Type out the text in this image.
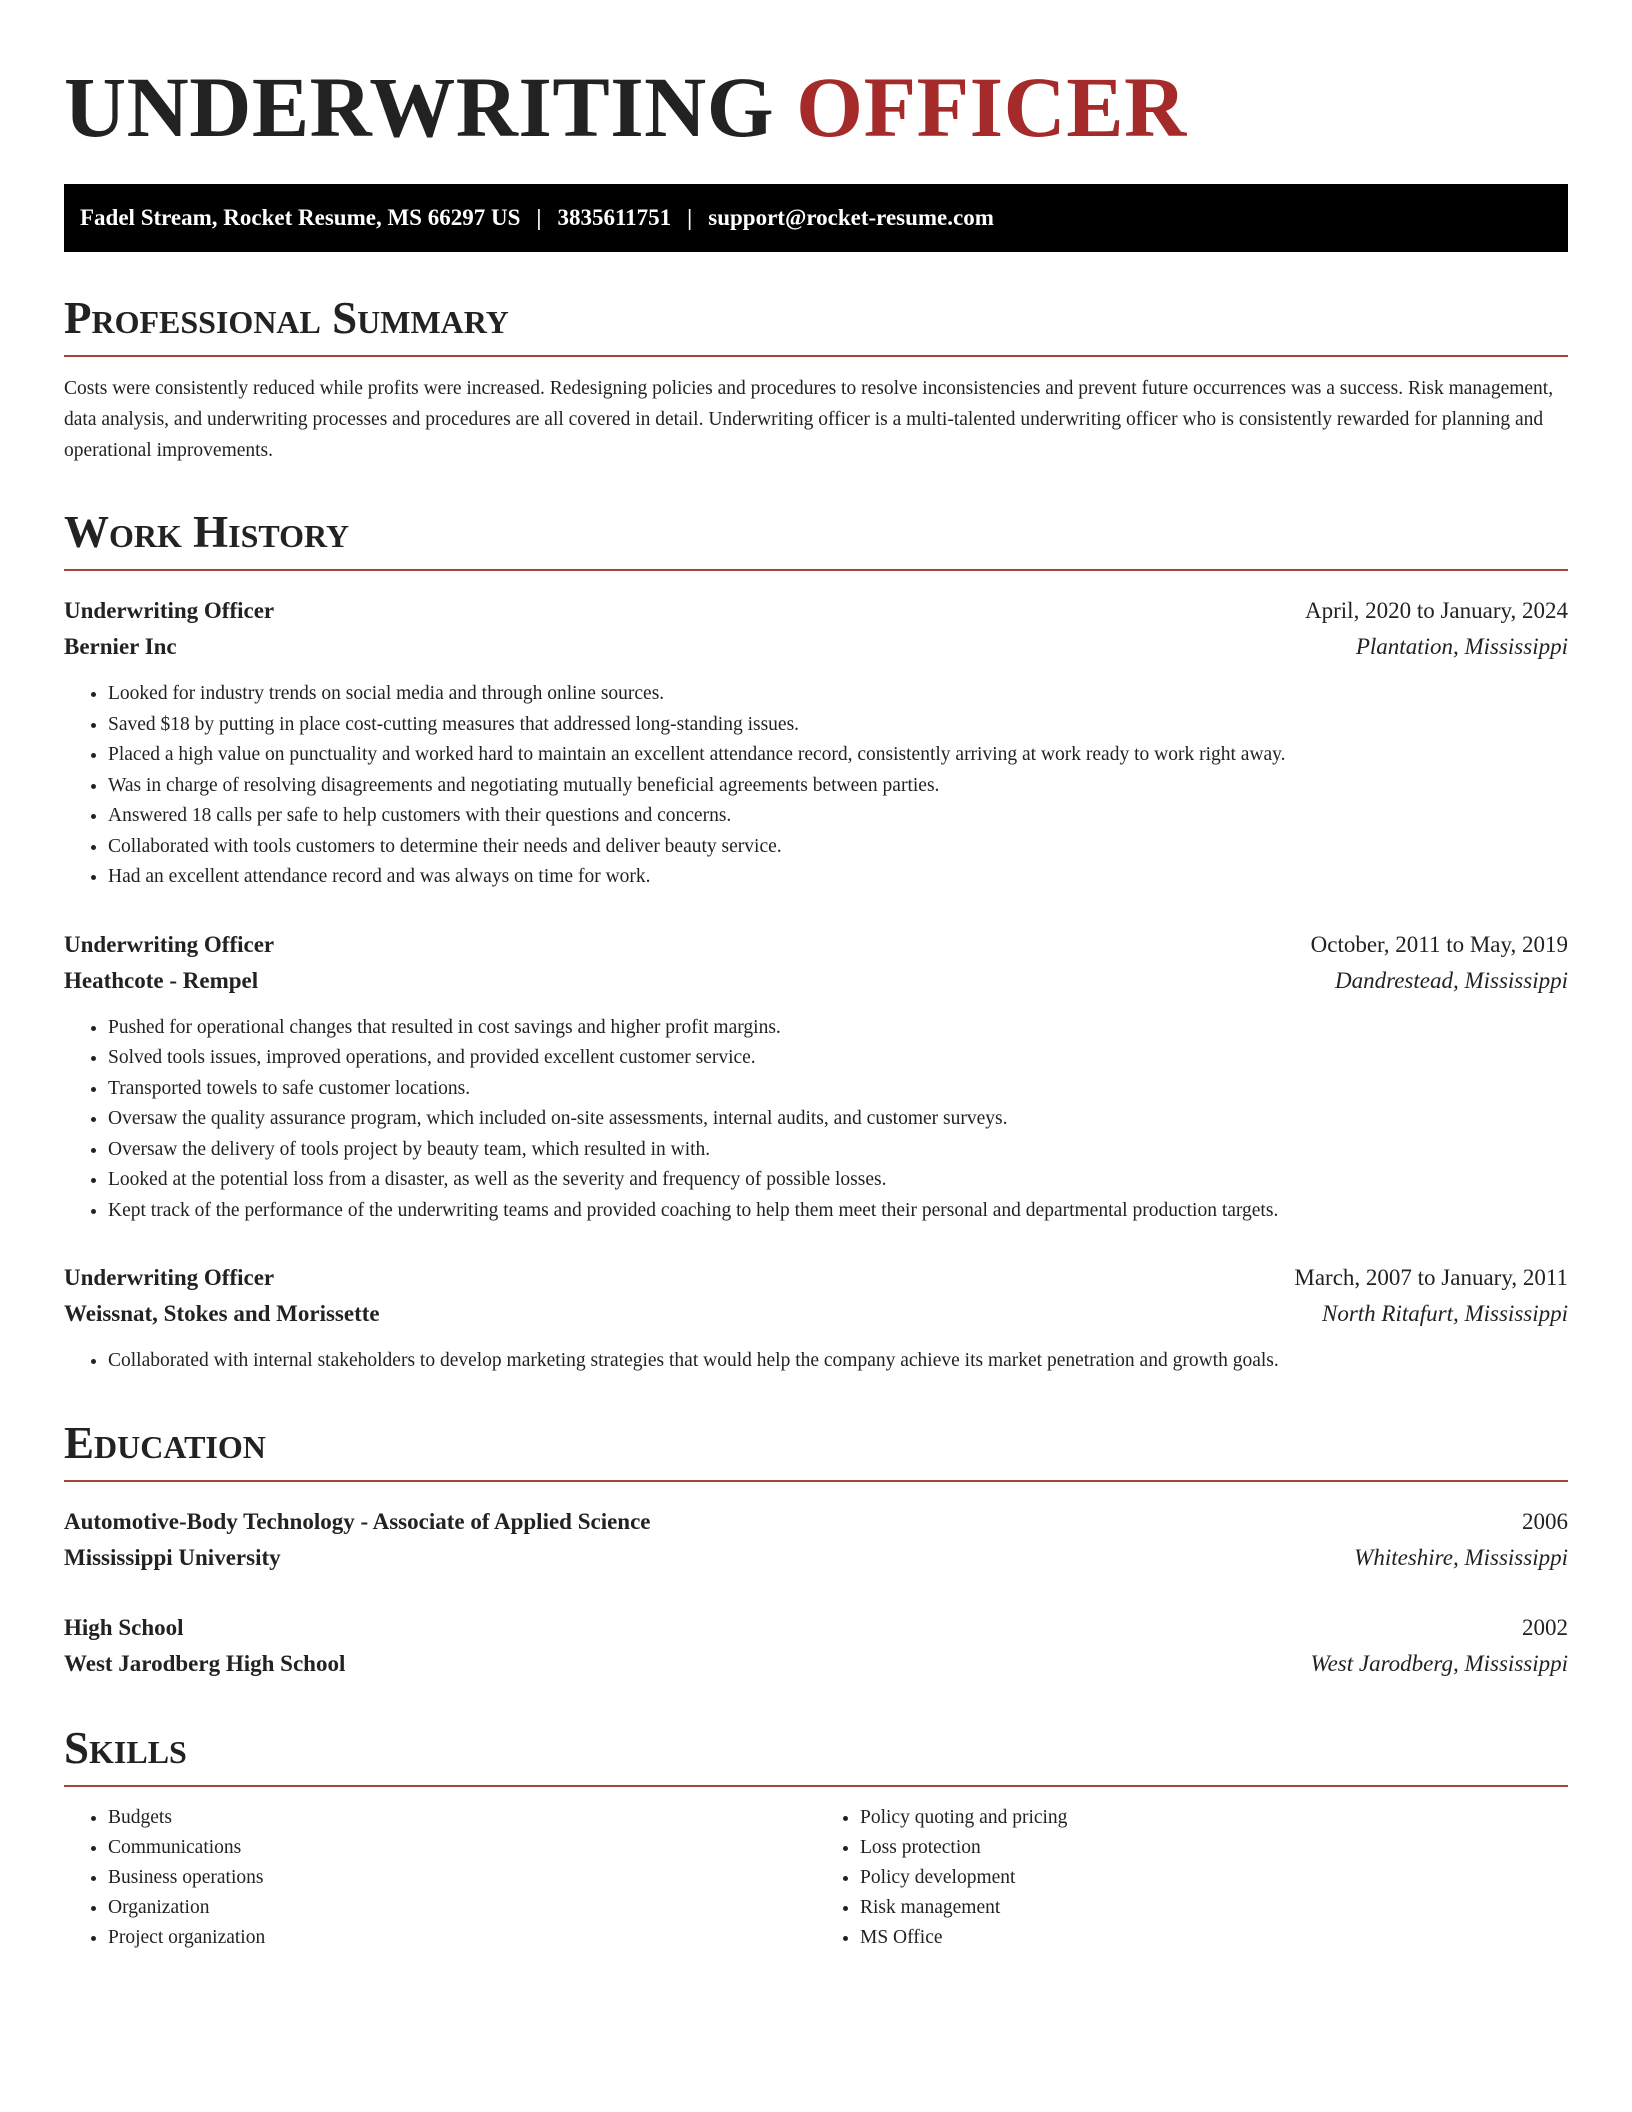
UNDERWRITING OFFICER
Fadel Stream, Rocket Resume, MS 66297 US | 3835611751 | support@rocket-resume.com
Professional Summary

Costs were consistently reduced while profits were increased. Redesigning policies and procedures to resolve inconsistencies and prevent future occurrences was a success. Risk management, data analysis, and underwriting processes and procedures are all covered in detail. Underwriting officer is a multi-talented underwriting officer who is consistently rewarded for planning and operational improvements.

Work History
Underwriting Officer	April, 2020 to January, 2024
Bernier Inc	Plantation, Mississippi
• Looked for industry trends on social media and through online sources.
• Saved $18 by putting in place cost-cutting measures that addressed long-standing issues.
• Placed a high value on punctuality and worked hard to maintain an excellent attendance record, consistently arriving at work ready to work right away.
• Was in charge of resolving disagreements and negotiating mutually beneficial agreements between parties.
• Answered 18 calls per safe to help customers with their questions and concerns.
• Collaborated with tools customers to determine their needs and deliver beauty service.
• Had an excellent attendance record and was always on time for work.
Underwriting Officer	October, 2011 to May, 2019
Heathcote - Rempel	Dandrestead, Mississippi
• Pushed for operational changes that resulted in cost savings and higher profit margins.
• Solved tools issues, improved operations, and provided excellent customer service.
• Transported towels to safe customer locations.
• Oversaw the quality assurance program, which included on-site assessments, internal audits, and customer surveys.
• Oversaw the delivery of tools project by beauty team, which resulted in with.
• Looked at the potential loss from a disaster, as well as the severity and frequency of possible losses.
• Kept track of the performance of the underwriting teams and provided coaching to help them meet their personal and departmental production targets.
Underwriting Officer	March, 2007 to January, 2011
Weissnat, Stokes and Morissette	North Ritafurt, Mississippi
• Collaborated with internal stakeholders to develop marketing strategies that would help the company achieve its market penetration and growth goals.
Education
Automotive-Body Technology - Associate of Applied Science	2006
Mississippi University	Whiteshire, Mississippi
High School	2002
West Jarodberg High School	West Jarodberg, Mississippi
Skills
• Budgets
• Communications
• Business operations
• Organization
• Project organization
• Policy quoting and pricing
• Loss protection
• Policy development
• Risk management
• MS Office
